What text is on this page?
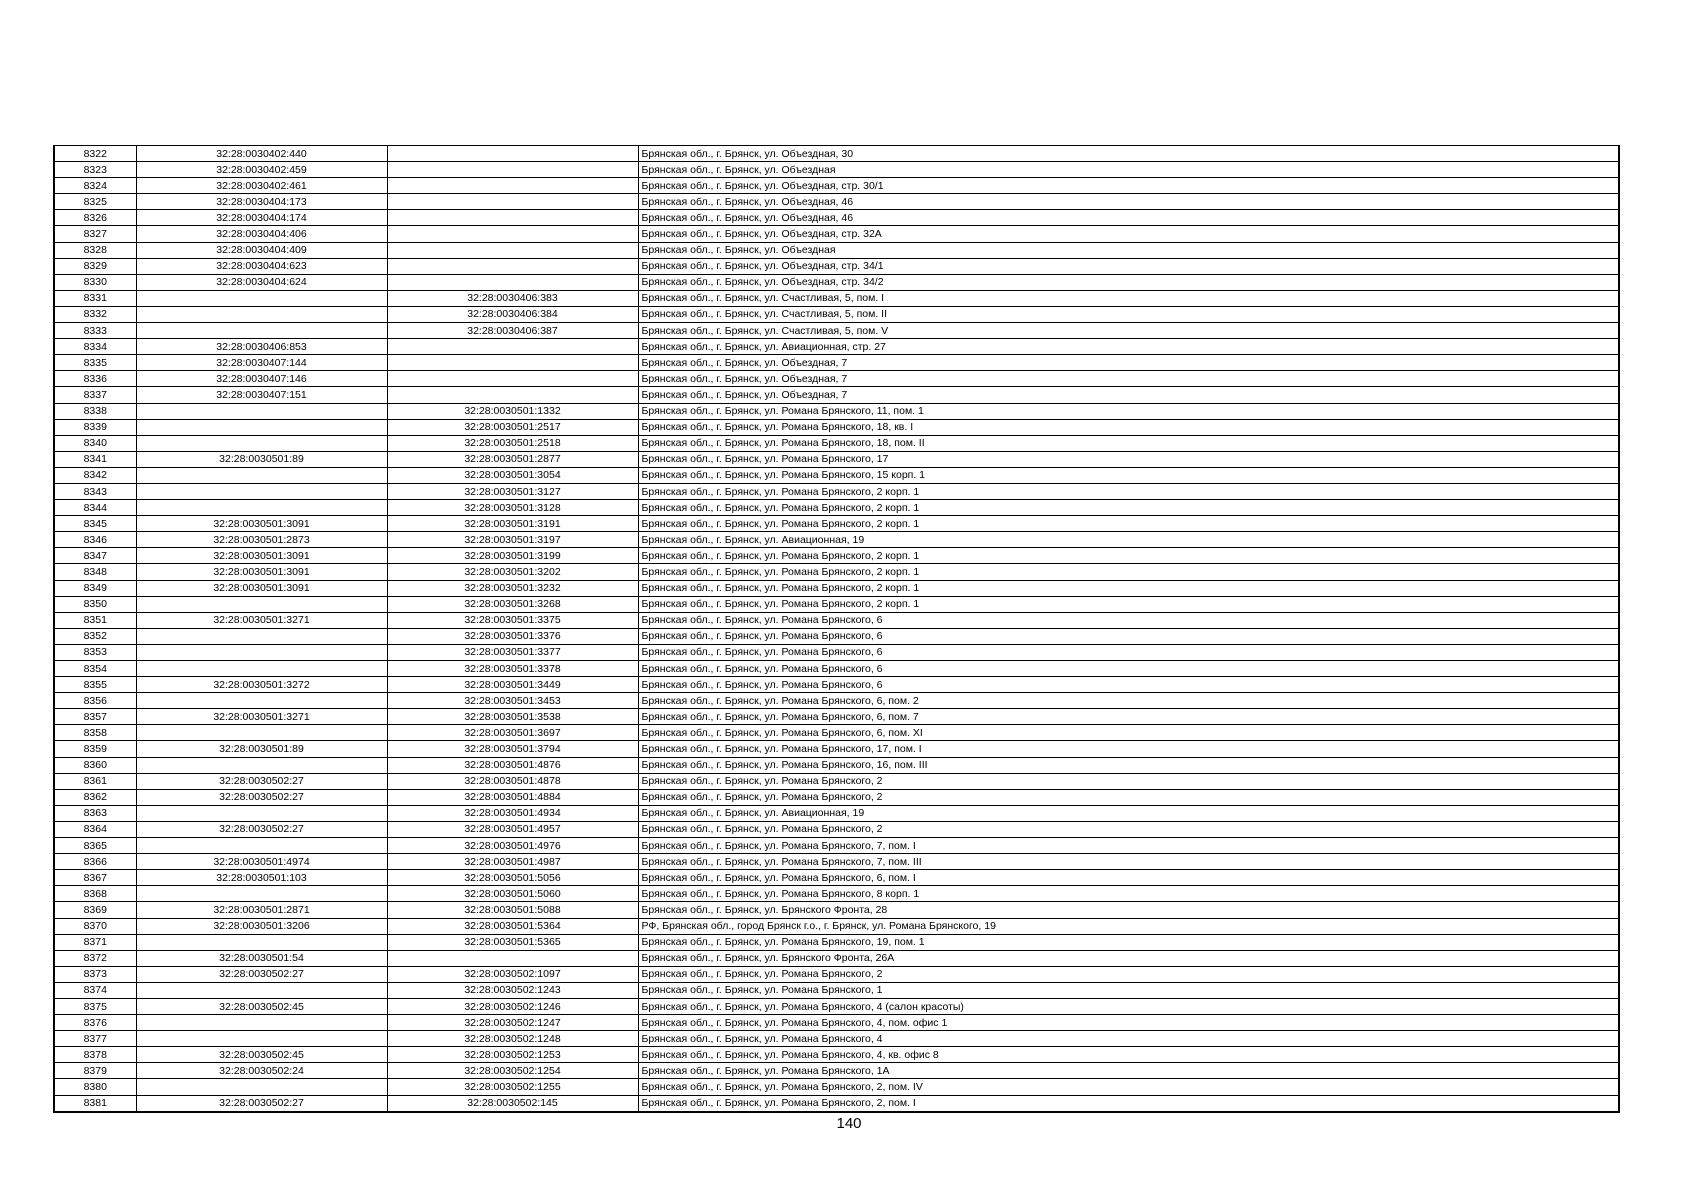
8322	32:28:0030402:440		Брянская обл., г. Брянск, ул. Объездная, 30
8323	32:28:0030402:459		Брянская обл., г. Брянск, ул. Объездная
8324	32:28:0030402:461		Брянская обл., г. Брянск, ул. Объездная, стр. 30/1
8325	32:28:0030404:173		Брянская обл., г. Брянск, ул. Объездная, 46
8326	32:28:0030404:174		Брянская обл., г. Брянск, ул. Объездная, 46
8327	32:28:0030404:406		Брянская обл., г. Брянск, ул. Объездная, стр. 32А
8328	32:28:0030404:409		Брянская обл., г. Брянск, ул. Объездная
8329	32:28:0030404:623		Брянская обл., г. Брянск, ул. Объездная, стр. 34/1
8330	32:28:0030404:624		Брянская обл., г. Брянск, ул. Объездная, стр. 34/2
8331		32:28:0030406:383	Брянская обл., г. Брянск, ул. Счастливая, 5, пом. I
8332		32:28:0030406:384	Брянская обл., г. Брянск, ул. Счастливая, 5, пом. II
8333		32:28:0030406:387	Брянская обл., г. Брянск, ул. Счастливая, 5, пом. V
8334	32:28:0030406:853		Брянская обл., г. Брянск, ул. Авиационная, стр. 27
8335	32:28:0030407:144		Брянская обл., г. Брянск, ул. Объездная, 7
8336	32:28:0030407:146		Брянская обл., г. Брянск, ул. Объездная, 7
8337	32:28:0030407:151		Брянская обл., г. Брянск, ул. Объездная, 7
8338		32:28:0030501:1332	Брянская обл., г. Брянск, ул. Романа Брянского, 11, пом. 1
8339		32:28:0030501:2517	Брянская обл., г. Брянск, ул. Романа Брянского, 18, кв. I
8340		32:28:0030501:2518	Брянская обл., г. Брянск, ул. Романа Брянского, 18, пом. II
8341	32:28:0030501:89	32:28:0030501:2877	Брянская обл., г. Брянск, ул. Романа Брянского, 17
8342		32:28:0030501:3054	Брянская обл., г. Брянск, ул. Романа Брянского, 15 корп. 1
8343		32:28:0030501:3127	Брянская обл., г. Брянск, ул. Романа Брянского, 2 корп. 1
8344		32:28:0030501:3128	Брянская обл., г. Брянск, ул. Романа Брянского, 2 корп. 1
8345	32:28:0030501:3091	32:28:0030501:3191	Брянская обл., г. Брянск, ул. Романа Брянского, 2 корп. 1
8346	32:28:0030501:2873	32:28:0030501:3197	Брянская обл., г. Брянск, ул. Авиационная, 19
8347	32:28:0030501:3091	32:28:0030501:3199	Брянская обл., г. Брянск, ул. Романа Брянского, 2 корп. 1
8348	32:28:0030501:3091	32:28:0030501:3202	Брянская обл., г. Брянск, ул. Романа Брянского, 2 корп. 1
8349	32:28:0030501:3091	32:28:0030501:3232	Брянская обл., г. Брянск, ул. Романа Брянского, 2 корп. 1
8350		32:28:0030501:3268	Брянская обл., г. Брянск, ул. Романа Брянского, 2 корп. 1
8351	32:28:0030501:3271	32:28:0030501:3375	Брянская обл., г. Брянск, ул. Романа Брянского, 6
8352		32:28:0030501:3376	Брянская обл., г. Брянск, ул. Романа Брянского, 6
8353		32:28:0030501:3377	Брянская обл., г. Брянск, ул. Романа Брянского, 6
8354		32:28:0030501:3378	Брянская обл., г. Брянск, ул. Романа Брянского, 6
8355	32:28:0030501:3272	32:28:0030501:3449	Брянская обл., г. Брянск, ул. Романа Брянского, 6
8356		32:28:0030501:3453	Брянская обл., г. Брянск, ул. Романа Брянского, 6, пом. 2
8357	32:28:0030501:3271	32:28:0030501:3538	Брянская обл., г. Брянск, ул. Романа Брянского, 6, пом. 7
8358		32:28:0030501:3697	Брянская обл., г. Брянск, ул. Романа Брянского, 6, пом. XI
8359	32:28:0030501:89	32:28:0030501:3794	Брянская обл., г. Брянск, ул. Романа Брянского, 17, пом. I
8360		32:28:0030501:4876	Брянская обл., г. Брянск, ул. Романа Брянского, 16, пом. III
8361	32:28:0030502:27	32:28:0030501:4878	Брянская обл., г. Брянск, ул. Романа Брянского, 2
8362	32:28:0030502:27	32:28:0030501:4884	Брянская обл., г. Брянск, ул. Романа Брянского, 2
8363		32:28:0030501:4934	Брянская обл., г. Брянск, ул. Авиационная, 19
8364	32:28:0030502:27	32:28:0030501:4957	Брянская обл., г. Брянск, ул. Романа Брянского, 2
8365		32:28:0030501:4976	Брянская обл., г. Брянск, ул. Романа Брянского, 7, пом. I
8366	32:28:0030501:4974	32:28:0030501:4987	Брянская обл., г. Брянск, ул. Романа Брянского, 7, пом. III
8367	32:28:0030501:103	32:28:0030501:5056	Брянская обл., г. Брянск, ул. Романа Брянского, 6, пом. I
8368		32:28:0030501:5060	Брянская обл., г. Брянск, ул. Романа Брянского, 8 корп. 1
8369	32:28:0030501:2871	32:28:0030501:5088	Брянская обл., г. Брянск, ул. Брянского Фронта, 28
8370	32:28:0030501:3206	32:28:0030501:5364	РФ, Брянская обл., город Брянск г.о., г. Брянск, ул. Романа Брянского, 19
8371		32:28:0030501:5365	Брянская обл., г. Брянск, ул. Романа Брянского, 19, пом. 1
8372	32:28:0030501:54		Брянская обл., г. Брянск, ул. Брянского Фронта, 26А
8373	32:28:0030502:27	32:28:0030502:1097	Брянская обл., г. Брянск, ул. Романа Брянского, 2
8374		32:28:0030502:1243	Брянская обл., г. Брянск, ул. Романа Брянского, 1
8375	32:28:0030502:45	32:28:0030502:1246	Брянская обл., г. Брянск, ул. Романа Брянского, 4 (салон красоты)
8376		32:28:0030502:1247	Брянская обл., г. Брянск, ул. Романа Брянского, 4, пом. офис 1
8377		32:28:0030502:1248	Брянская обл., г. Брянск, ул. Романа Брянского, 4
8378	32:28:0030502:45	32:28:0030502:1253	Брянская обл., г. Брянск, ул. Романа Брянского, 4, кв. офис 8
8379	32:28:0030502:24	32:28:0030502:1254	Брянская обл., г. Брянск, ул. Романа Брянского, 1А
8380		32:28:0030502:1255	Брянская обл., г. Брянск, ул. Романа Брянского, 2, пом. IV
8381	32:28:0030502:27	32:28:0030502:145	Брянская обл., г. Брянск, ул. Романа Брянского, 2, пом. I
140
